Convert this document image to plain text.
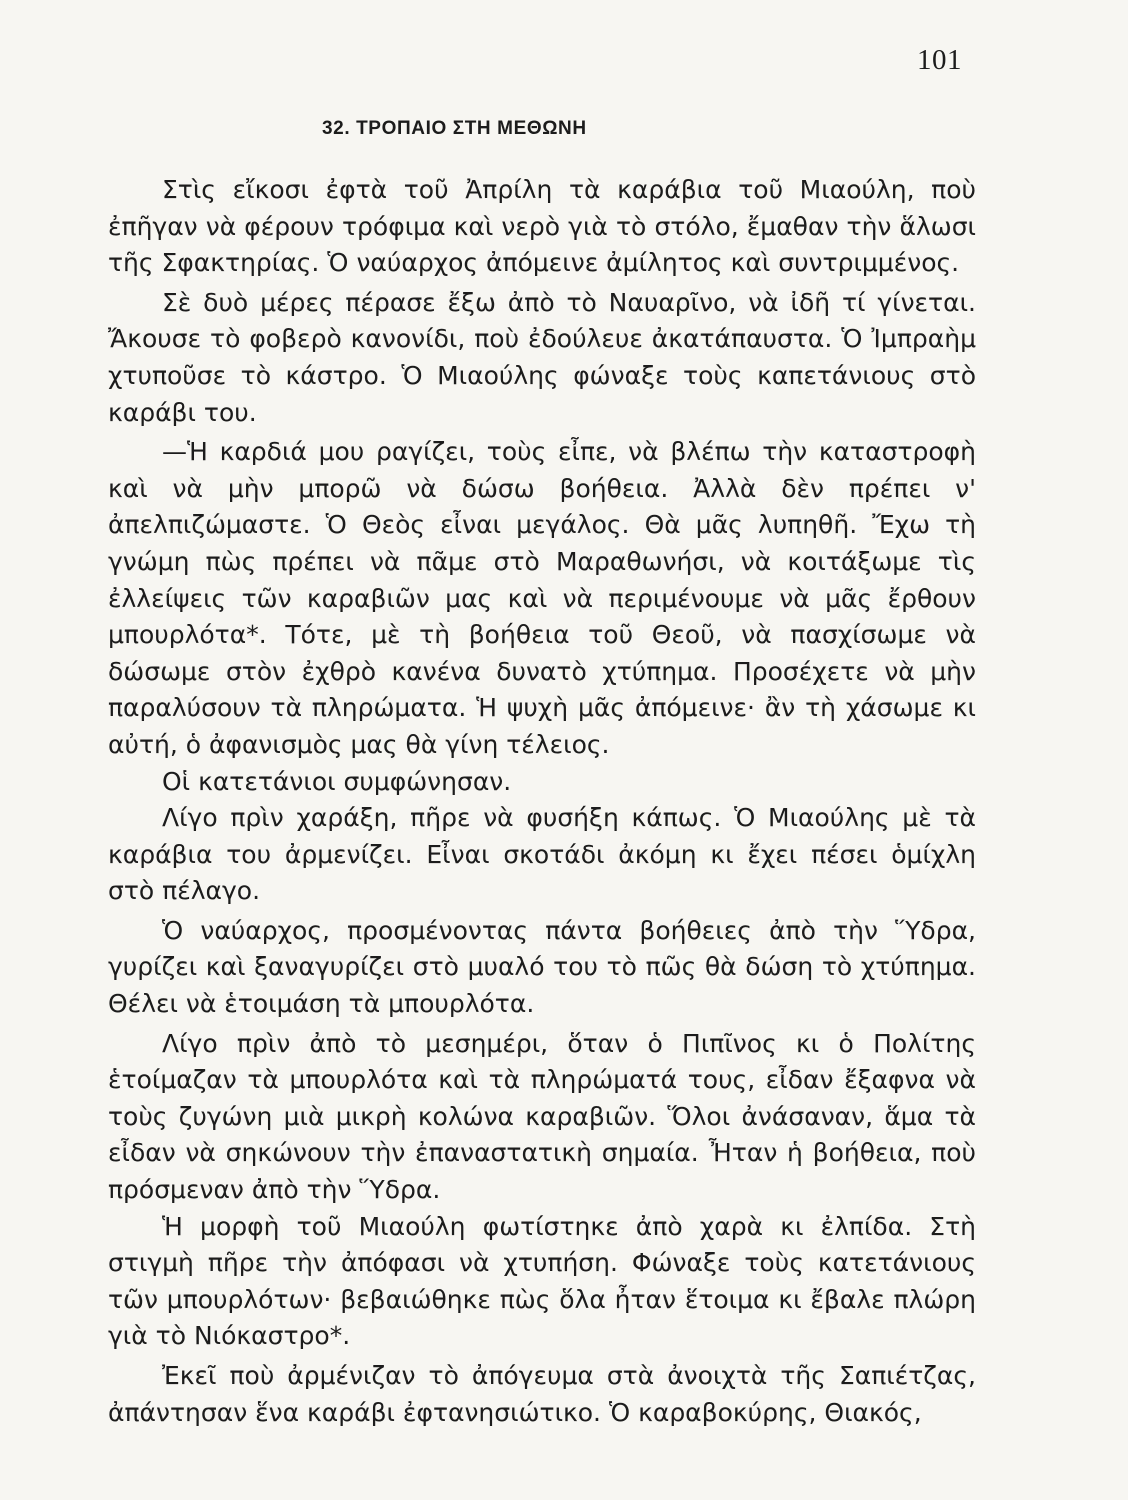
101

32. ΤΡΟΠΑΙΟ ΣΤΗ ΜΕΘΩΝΗ

Στὶς εἴκοσι ἐφτὰ τοῦ Ἀπρίλη τὰ καράβια τοῦ Μιαούλη, ποὺ ἐπῆγαν νὰ φέρουν τρόφιμα καὶ νερὸ γιὰ τὸ στόλο, ἔμαθαν τὴν ἅλωσι τῆς Σφακτηρίας. Ὁ ναύαρχος ἀπόμεινε ἀμίλητος καὶ συντριμμένος.

Σὲ δυὸ μέρες πέρασε ἔξω ἀπὸ τὸ Ναυαρῖνο, νὰ ἰδῆ τί γίνεται. Ἄκουσε τὸ φοβερὸ κανονίδι, ποὺ ἐδούλευε ἀκατάπαυστα. Ὁ Ἰμπραὴμ χτυποῦσε τὸ κάστρο. Ὁ Μιαούλης φώναξε τοὺς καπετάνιους στὸ καράβι του.

—Ἡ καρδιά μου ραγίζει, τοὺς εἶπε, νὰ βλέπω τὴν καταστροφὴ καὶ νὰ μὴν μπορῶ νὰ δώσω βοήθεια. Ἀλλὰ δὲν πρέπει ν' ἀπελπιζώμαστε. Ὁ Θεὸς εἶναι μεγάλος. Θὰ μᾶς λυπηθῆ. Ἔχω τὴ γνώμη πὼς πρέπει νὰ πᾶμε στὸ Μαραθωνήσι, νὰ κοιτάξωμε τὶς ἐλλείψεις τῶν καραβιῶν μας καὶ νὰ περιμένουμε νὰ μᾶς ἔρθουν μπουρλότα*. Τότε, μὲ τὴ βοήθεια τοῦ Θεοῦ, νὰ πασχίσωμε νὰ δώσωμε στὸν ἐχθρὸ κανένα δυνατὸ χτύπημα. Προσέχετε νὰ μὴν παραλύσουν τὰ πληρώματα. Ἡ ψυχὴ μᾶς ἀπόμεινε· ἂν τὴ χάσωμε κι αὐτή, ὁ ἀφανισμὸς μας θὰ γίνη τέλειος.

Οἱ κατετάνιοι συμφώνησαν.

Λίγο πρὶν χαράξη, πῆρε νὰ φυσήξη κάπως. Ὁ Μιαούλης μὲ τὰ καράβια του ἀρμενίζει. Εἶναι σκοτάδι ἀκόμη κι ἔχει πέσει ὁμίχλη στὸ πέλαγο.

Ὁ ναύαρχος, προσμένοντας πάντα βοήθειες ἀπὸ τὴν Ὕδρα, γυρίζει καὶ ξαναγυρίζει στὸ μυαλό του τὸ πῶς θὰ δώση τὸ χτύπημα. Θέλει νὰ ἑτοιμάση τὰ μπουρλότα.

Λίγο πρὶν ἀπὸ τὸ μεσημέρι, ὅταν ὁ Πιπῖνος κι ὁ Πολίτης ἑτοίμαζαν τὰ μπουρλότα καὶ τὰ πληρώματά τους, εἶδαν ἔξαφνα νὰ τοὺς ζυγώνη μιὰ μικρὴ κολώνα καραβιῶν. Ὅλοι ἀνάσαναν, ἅμα τὰ εἶδαν νὰ σηκώνουν τὴν ἐπαναστατικὴ σημαία. Ἦταν ἡ βοήθεια, ποὺ πρόσμεναν ἀπὸ τὴν Ὕδρα.

Ἡ μορφὴ τοῦ Μιαούλη φωτίστηκε ἀπὸ χαρὰ κι ἐλπίδα. Στὴ στιγμὴ πῆρε τὴν ἀπόφασι νὰ χτυπήση. Φώναξε τοὺς κατετάνιους τῶν μπουρλότων· βεβαιώθηκε πὼς ὅλα ἦταν ἕτοιμα κι ἔβαλε πλώρη γιὰ τὸ Νιόκαστρο*.

Ἐκεῖ ποὺ ἀρμένιζαν τὸ ἀπόγευμα στὰ ἀνοιχτὰ τῆς Σαπιέτζας, ἀπάντησαν ἕνα καράβι ἐφτανησιώτικο. Ὁ καραβοκύρης, Θιακός,
